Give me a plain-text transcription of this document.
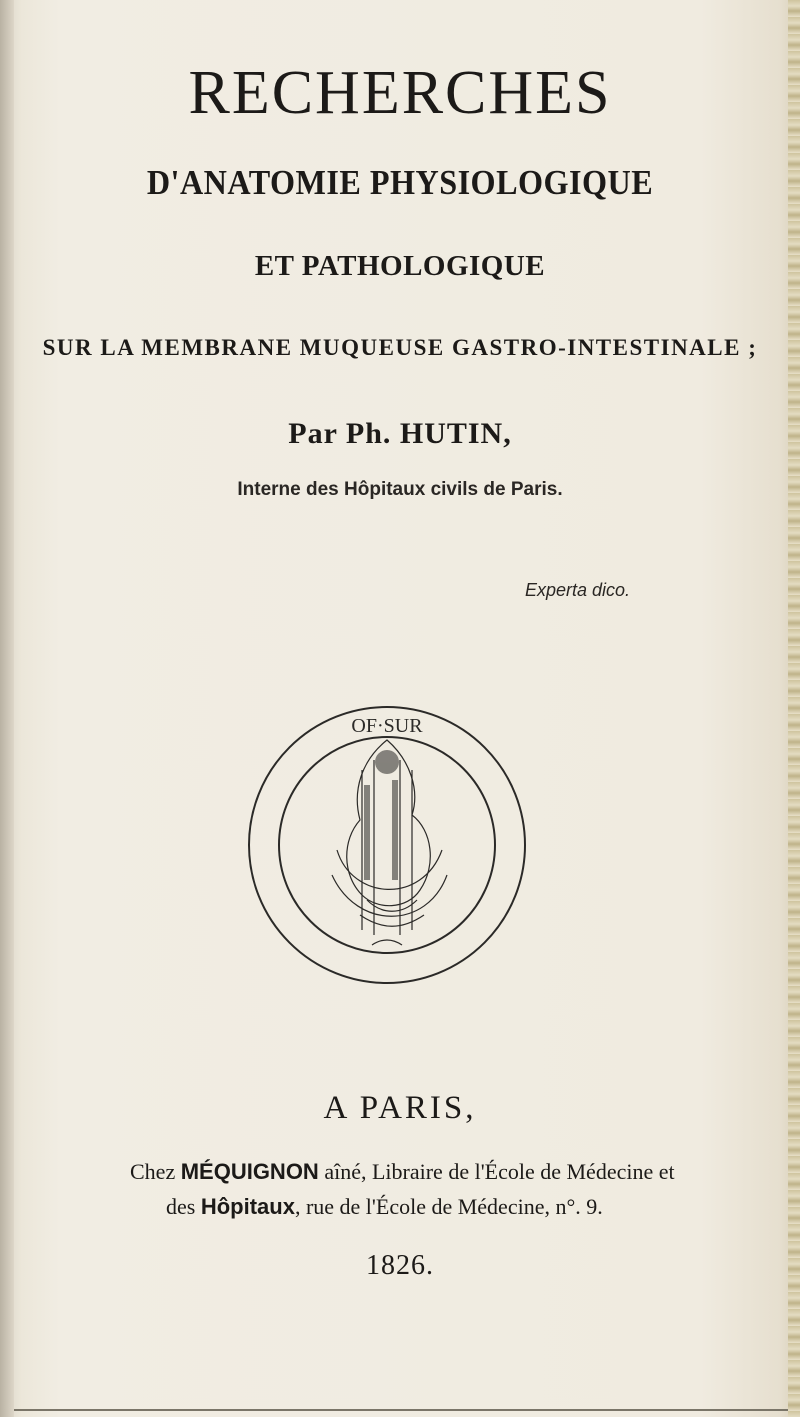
RECHERCHES
D'ANATOMIE PHYSIOLOGIQUE
ET PATHOLOGIQUE
SUR LA MEMBRANE MUQUEUSE GASTRO-INTESTINALE ;
Par Ph. HUTIN,
Interne des Hôpitaux civils de Paris.
Experta dico.
OF·SUR
A PARIS,
Chez MÉQUIGNON aîné, Libraire de l'École de Médecine et
des Hôpitaux, rue de l'École de Médecine, n°. 9.
1826.
